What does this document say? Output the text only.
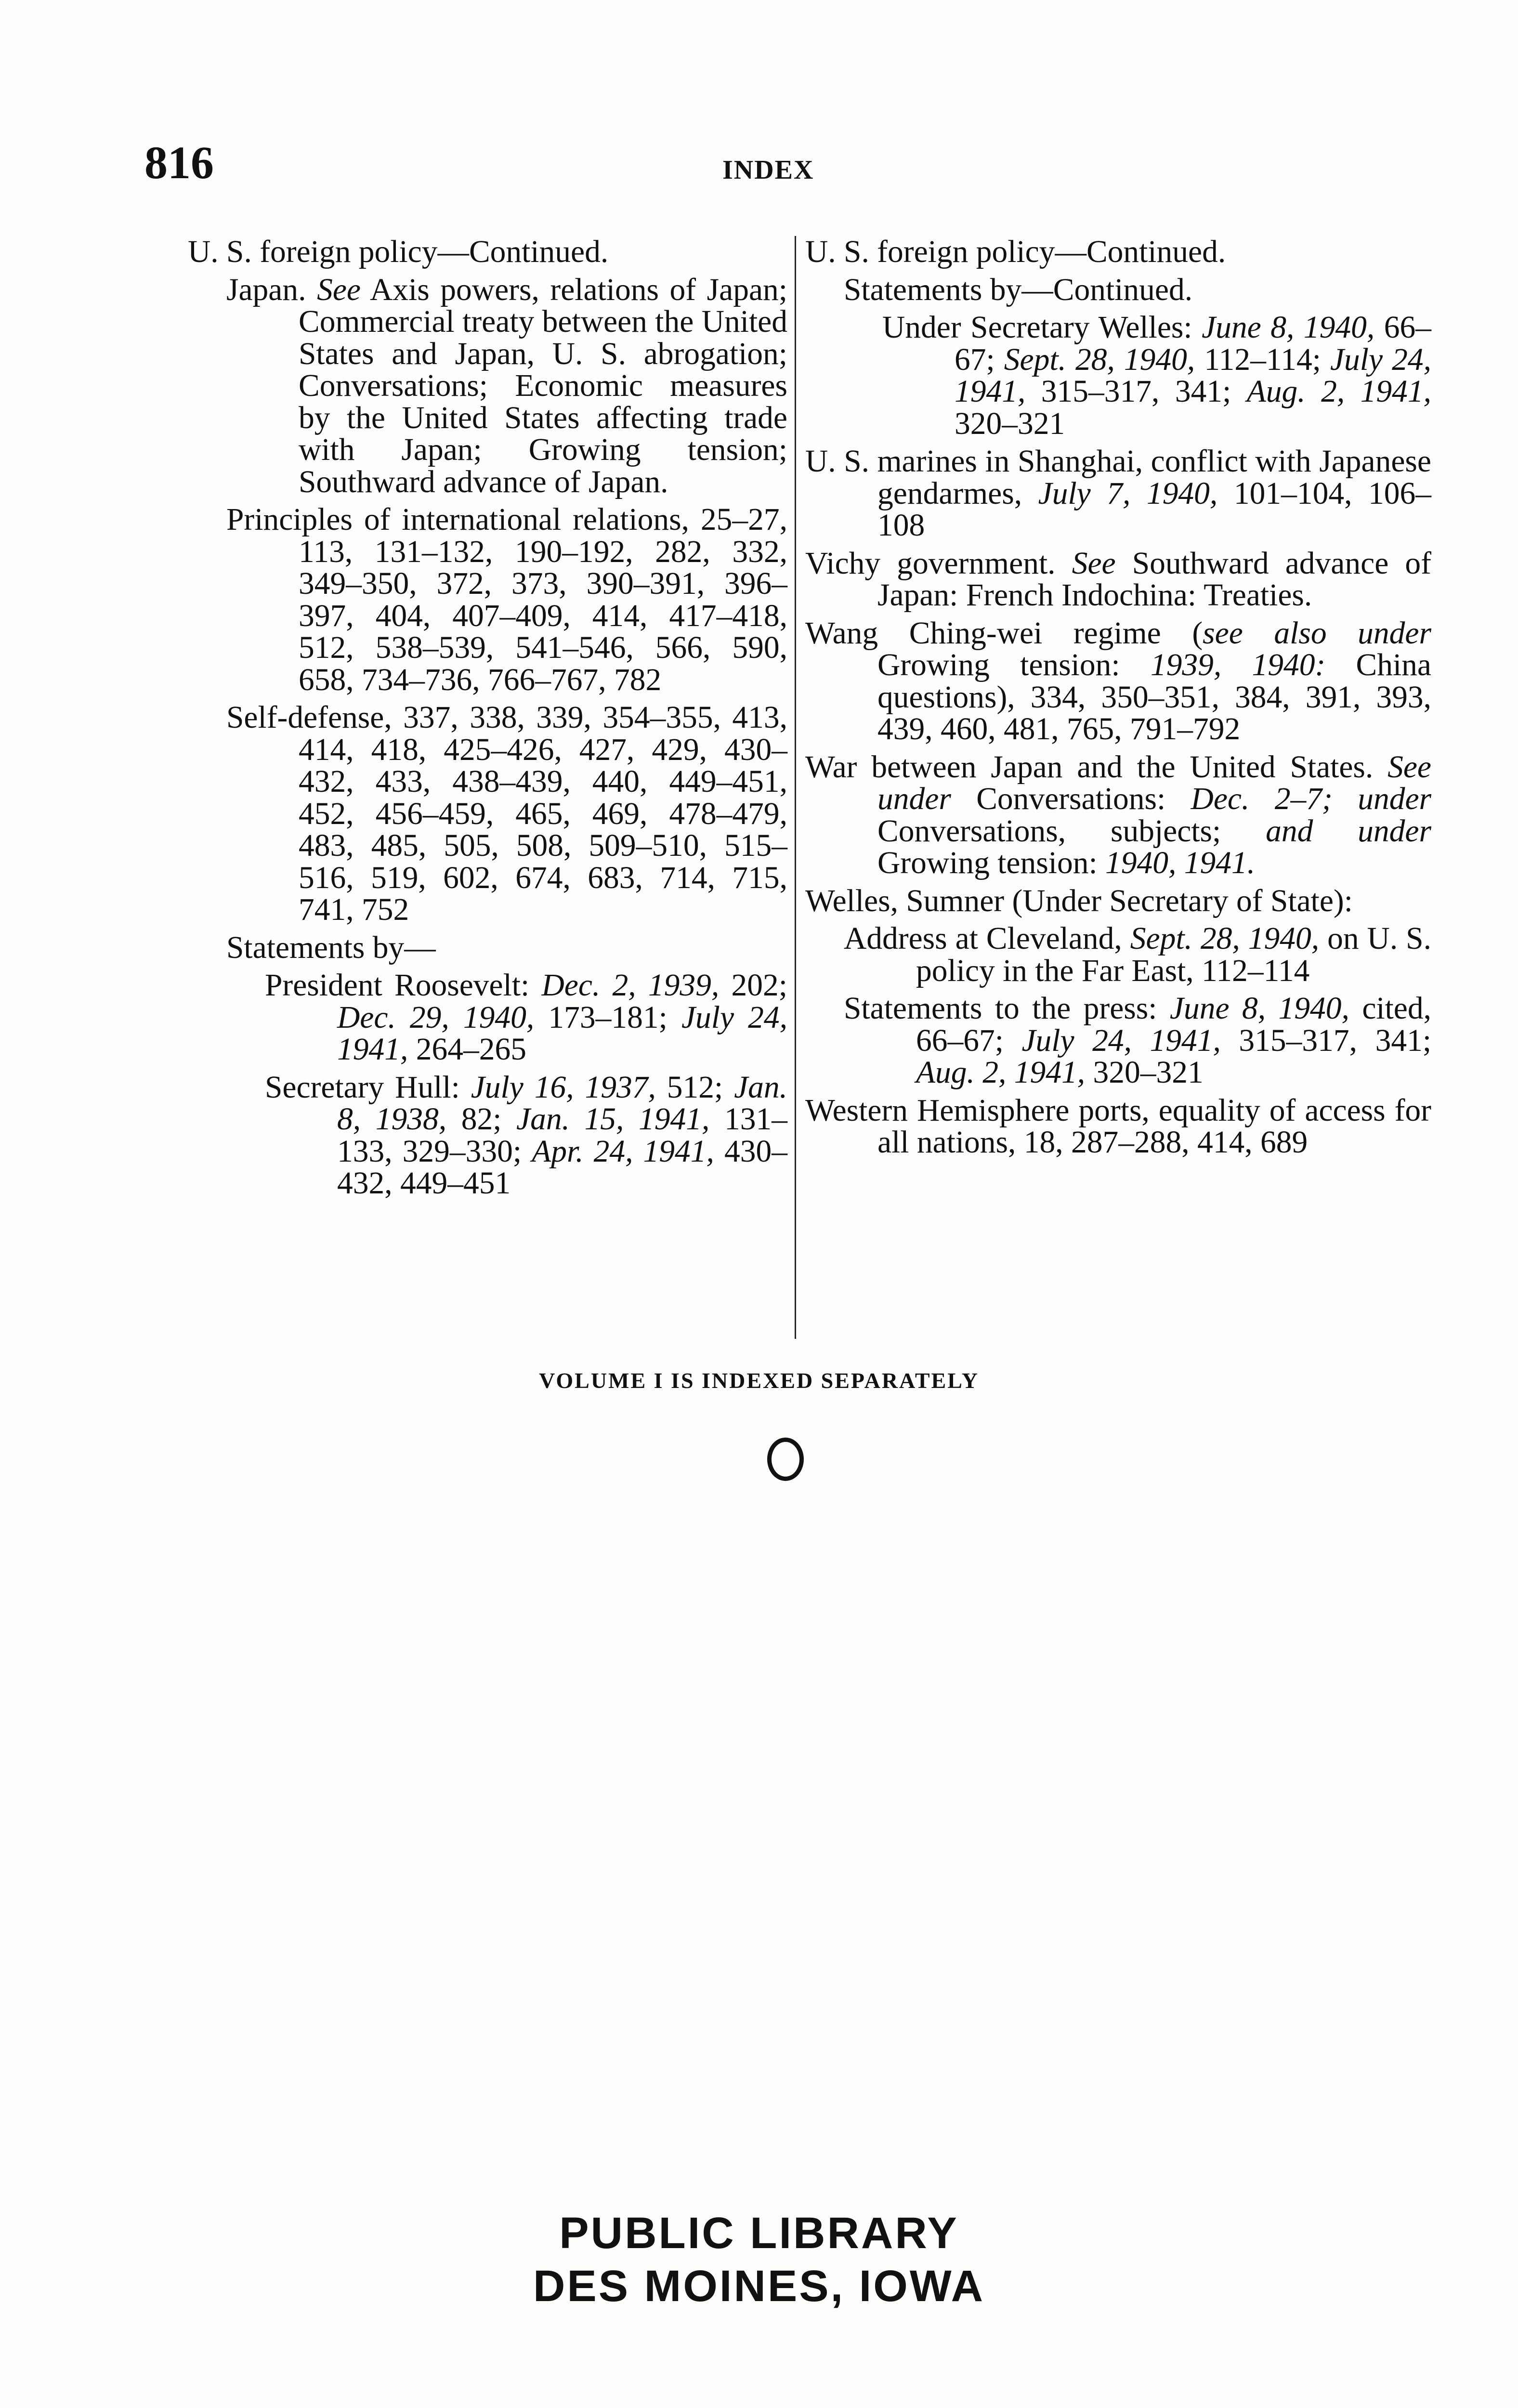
816	INDEX
U. S. foreign policy—Continued.
Japan. See Axis powers, relations of Japan; Commercial treaty between the United States and Japan, U. S. abrogation; Conversations; Economic measures by the United States affecting trade with Japan; Growing tension; Southward advance of Japan.
Principles of international relations, 25–27, 113, 131–132, 190–192, 282, 332, 349–350, 372, 373, 390–391, 396–397, 404, 407–409, 414, 417–418, 512, 538–539, 541–546, 566, 590, 658, 734–736, 766–767, 782
Self-defense, 337, 338, 339, 354–355, 413, 414, 418, 425–426, 427, 429, 430–432, 433, 438–439, 440, 449–451, 452, 456–459, 465, 469, 478–479, 483, 485, 505, 508, 509–510, 515–516, 519, 602, 674, 683, 714, 715, 741, 752
Statements by—
President Roosevelt: Dec. 2, 1939, 202; Dec. 29, 1940, 173–181; July 24, 1941, 264–265
Secretary Hull: July 16, 1937, 512; Jan. 8, 1938, 82; Jan. 15, 1941, 131–133, 329–330; Apr. 24, 1941, 430–432, 449–451
U. S. foreign policy—Continued.
Statements by—Continued.
Under Secretary Welles: June 8, 1940, 66–67; Sept. 28, 1940, 112–114; July 24, 1941, 315–317, 341; Aug. 2, 1941, 320–321
U. S. marines in Shanghai, conflict with Japanese gendarmes, July 7, 1940, 101–104, 106–108
Vichy government. See Southward advance of Japan: French Indochina: Treaties.
Wang Ching-wei regime (see also under Growing tension: 1939, 1940: China questions), 334, 350–351, 384, 391, 393, 439, 460, 481, 765, 791–792
War between Japan and the United States. See under Conversations: Dec. 2–7; under Conversations, subjects; and under Growing tension: 1940, 1941.
Welles, Sumner (Under Secretary of State):
Address at Cleveland, Sept. 28, 1940, on U. S. policy in the Far East, 112–114
Statements to the press: June 8, 1940, cited, 66–67; July 24, 1941, 315–317, 341; Aug. 2, 1941, 320–321
Western Hemisphere ports, equality of access for all nations, 18, 287–288, 414, 689
VOLUME I IS INDEXED SEPARATELY
PUBLIC LIBRARY
DES MOINES, IOWA
